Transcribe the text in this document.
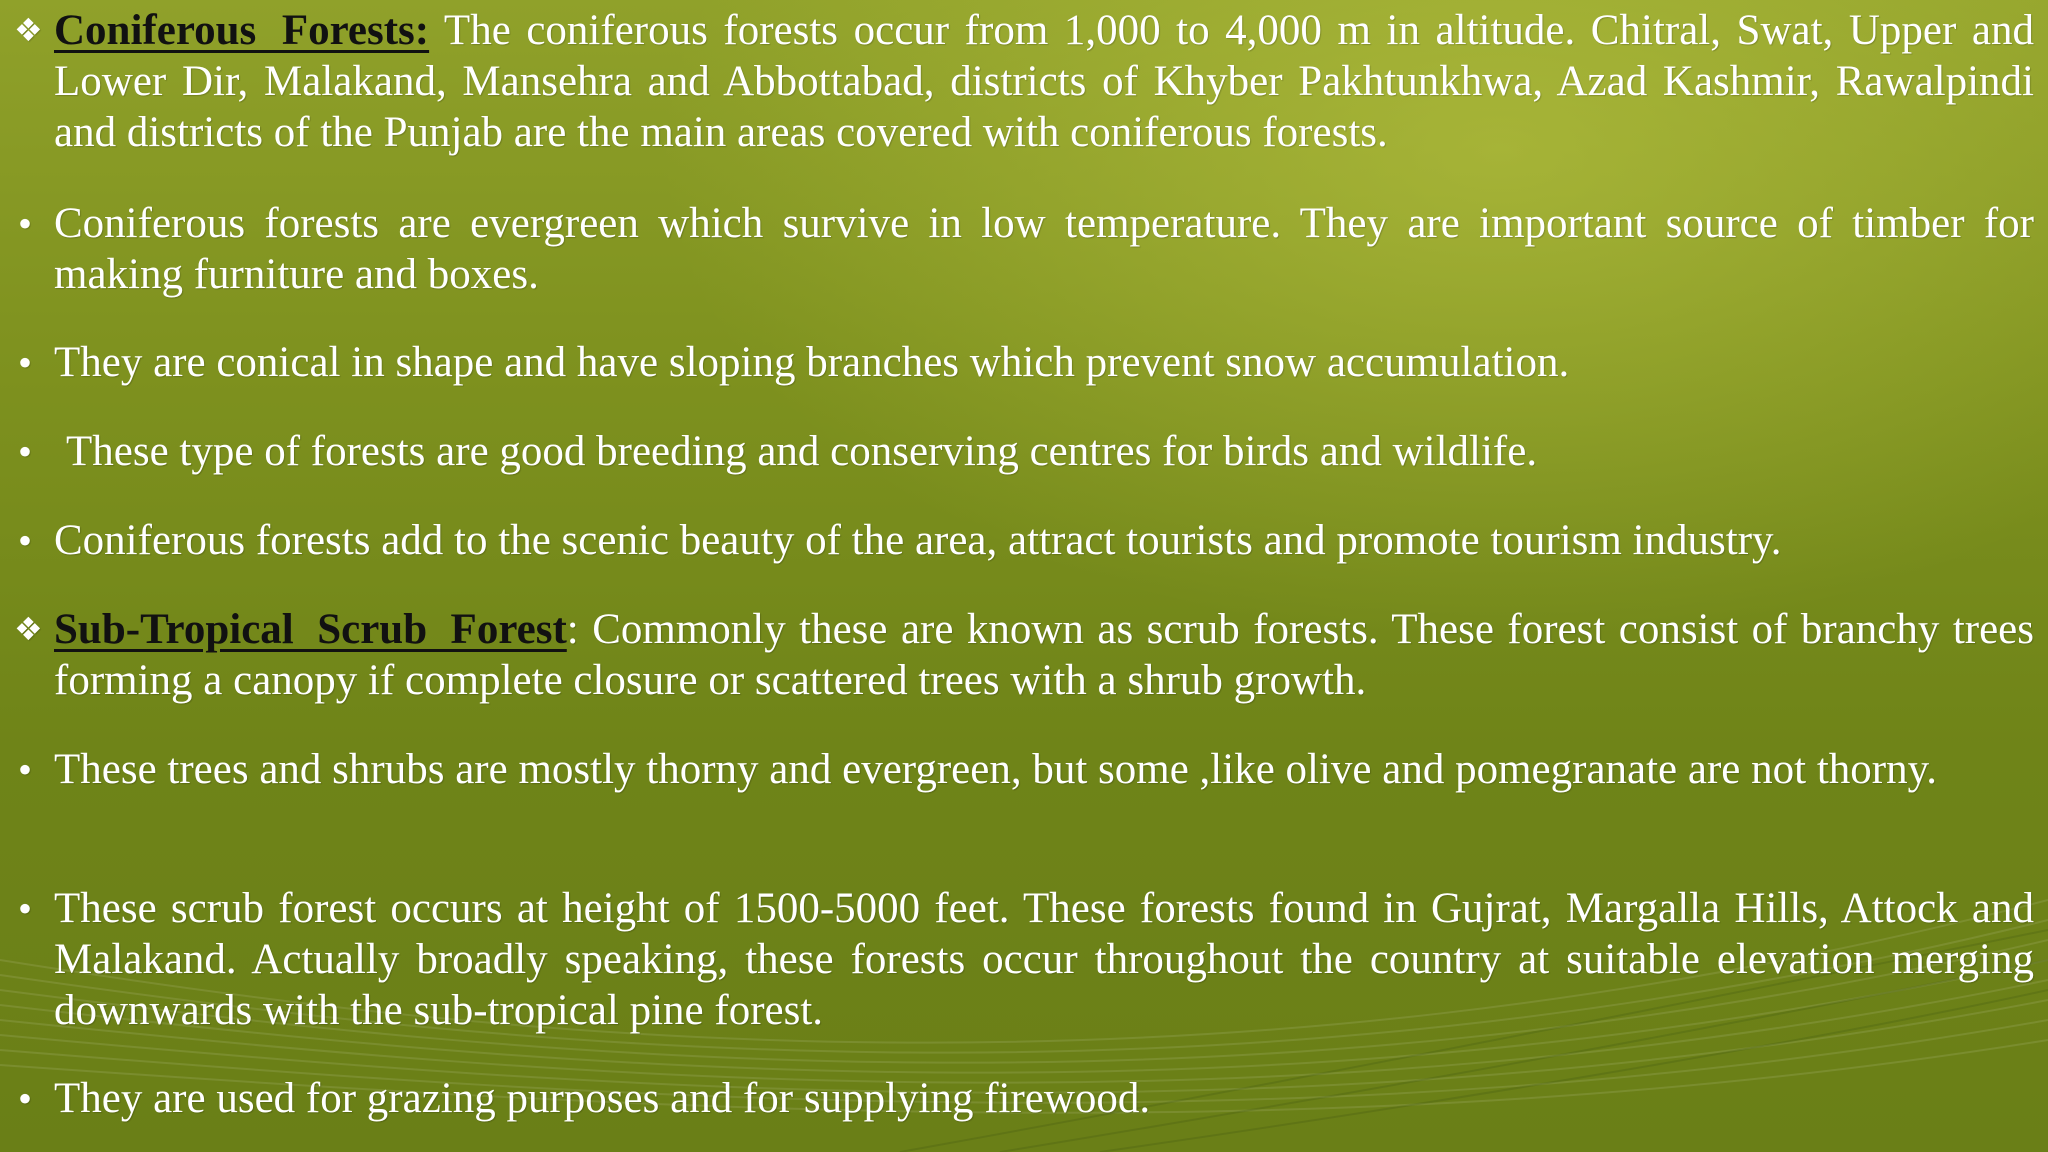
❖ Coniferous Forests: The coniferous forests occur from 1,000 to 4,000 m in altitude. Chitral, Swat, Upper and Lower Dir, Malakand, Mansehra and Abbottabad, districts of Khyber Pakhtunkhwa, Azad Kashmir, Rawalpindi and districts of the Punjab are the main areas covered with coniferous forests.
• Coniferous forests are evergreen which survive in low temperature. They are important source of timber for making furniture and boxes.
• They are conical in shape and have sloping branches which prevent snow accumulation.
• These type of forests are good breeding and conserving centres for birds and wildlife.
• Coniferous forests add to the scenic beauty of the area, attract tourists and promote tourism industry.
❖ Sub-Tropical Scrub Forest: Commonly these are known as scrub forests. These forest consist of branchy trees forming a canopy if complete closure or scattered trees with a shrub growth.
• These trees and shrubs are mostly thorny and evergreen, but some ,like olive and pomegranate are not thorny.
• These scrub forest occurs at height of 1500-5000 feet. These forests found in Gujrat, Margalla Hills, Attock and Malakand. Actually broadly speaking, these forests occur throughout the country at suitable elevation merging downwards with the sub-tropical pine forest.
• They are used for grazing purposes and for supplying firewood.
